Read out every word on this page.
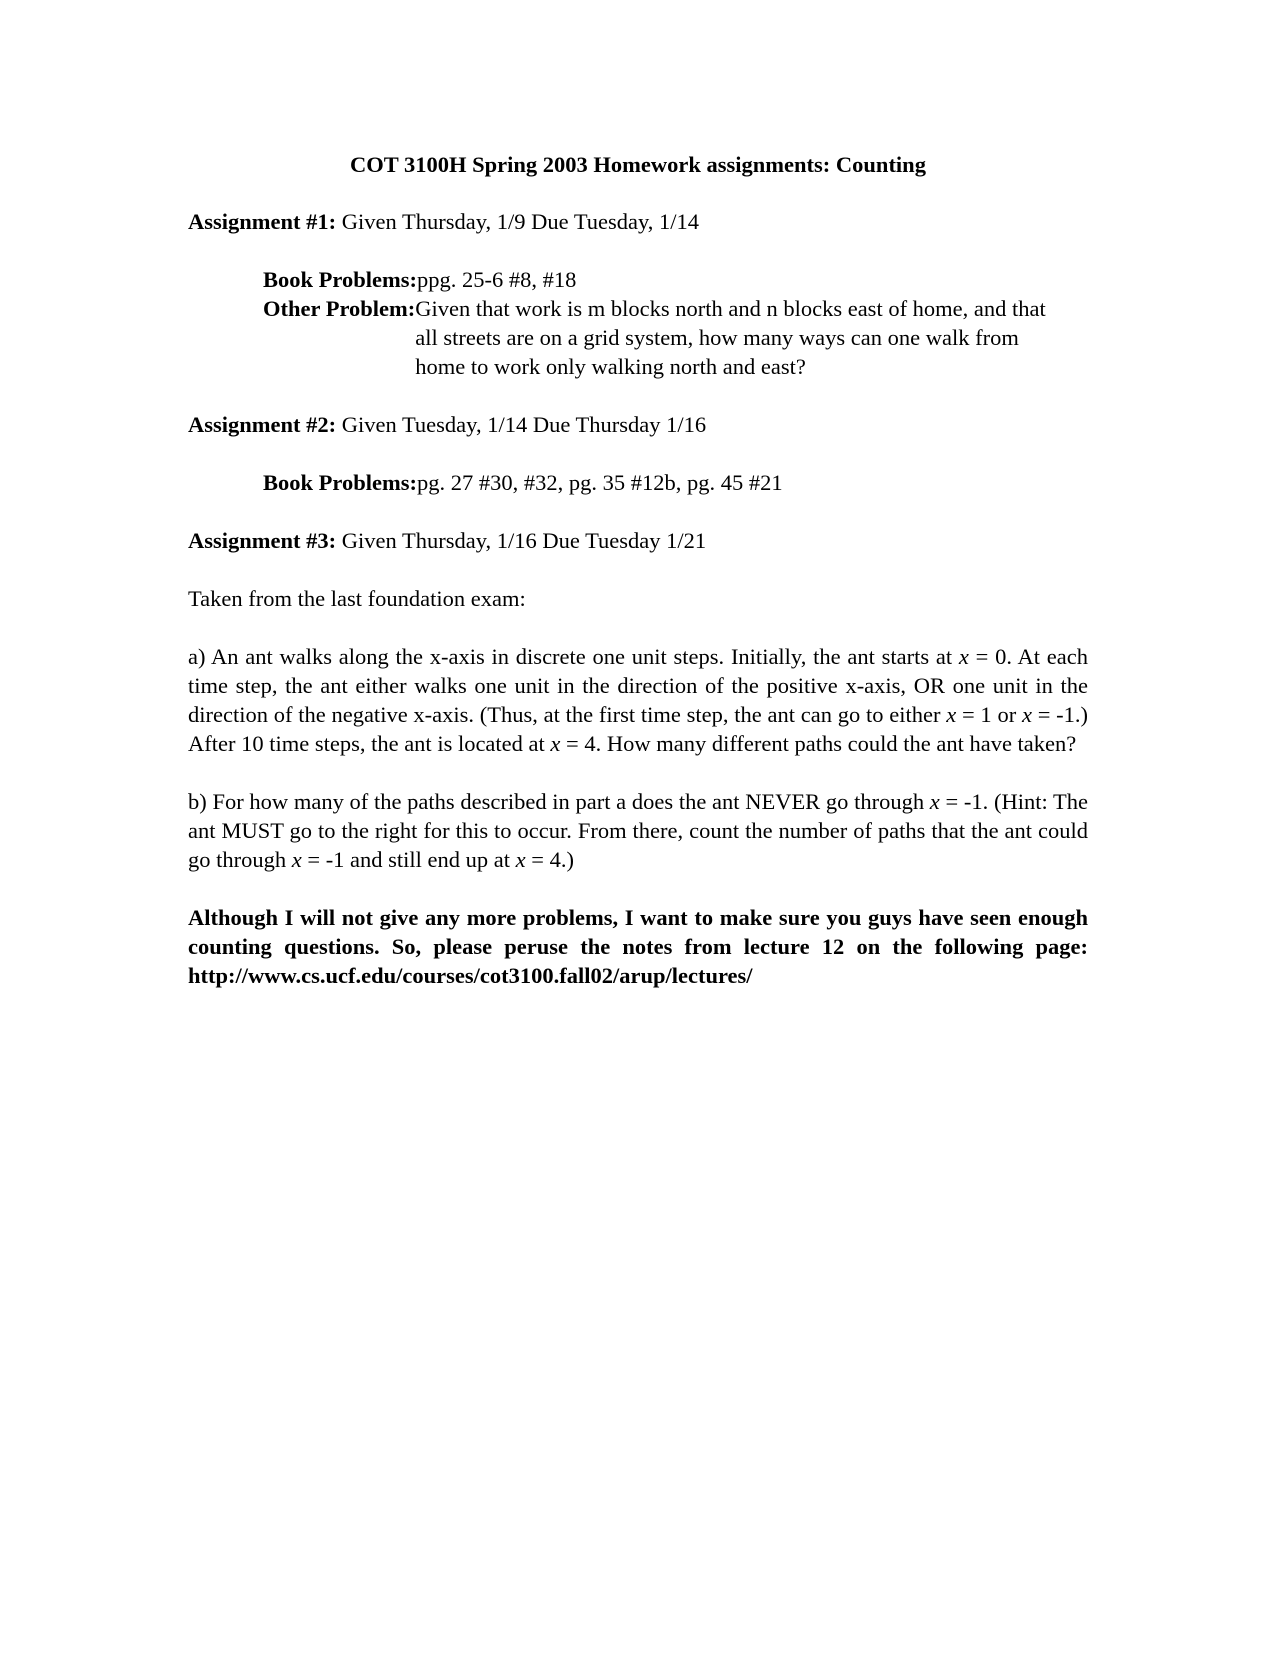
COT 3100H Spring 2003 Homework assignments: Counting
Assignment #1: Given Thursday, 1/9 Due Tuesday, 1/14
Book Problems: ppg. 25-6 #8, #18
Other Problem: Given that work is m blocks north and n blocks east of home, and that all streets are on a grid system, how many ways can one walk from home to work only walking north and east?
Assignment #2: Given Tuesday, 1/14 Due Thursday 1/16
Book Problems: pg. 27 #30, #32, pg. 35 #12b, pg. 45 #21
Assignment #3: Given Thursday, 1/16 Due Tuesday 1/21
Taken from the last foundation exam:
a) An ant walks along the x-axis in discrete one unit steps. Initially, the ant starts at x = 0. At each time step, the ant either walks one unit in the direction of the positive x-axis, OR one unit in the direction of the negative x-axis. (Thus, at the first time step, the ant can go to either x = 1 or x = -1.) After 10 time steps, the ant is located at x = 4. How many different paths could the ant have taken?
b) For how many of the paths described in part a does the ant NEVER go through x = -1. (Hint: The ant MUST go to the right for this to occur. From there, count the number of paths that the ant could go through x = -1 and still end up at x = 4.)
Although I will not give any more problems, I want to make sure you guys have seen enough counting questions. So, please peruse the notes from lecture 12 on the following page: http://www.cs.ucf.edu/courses/cot3100.fall02/arup/lectures/
